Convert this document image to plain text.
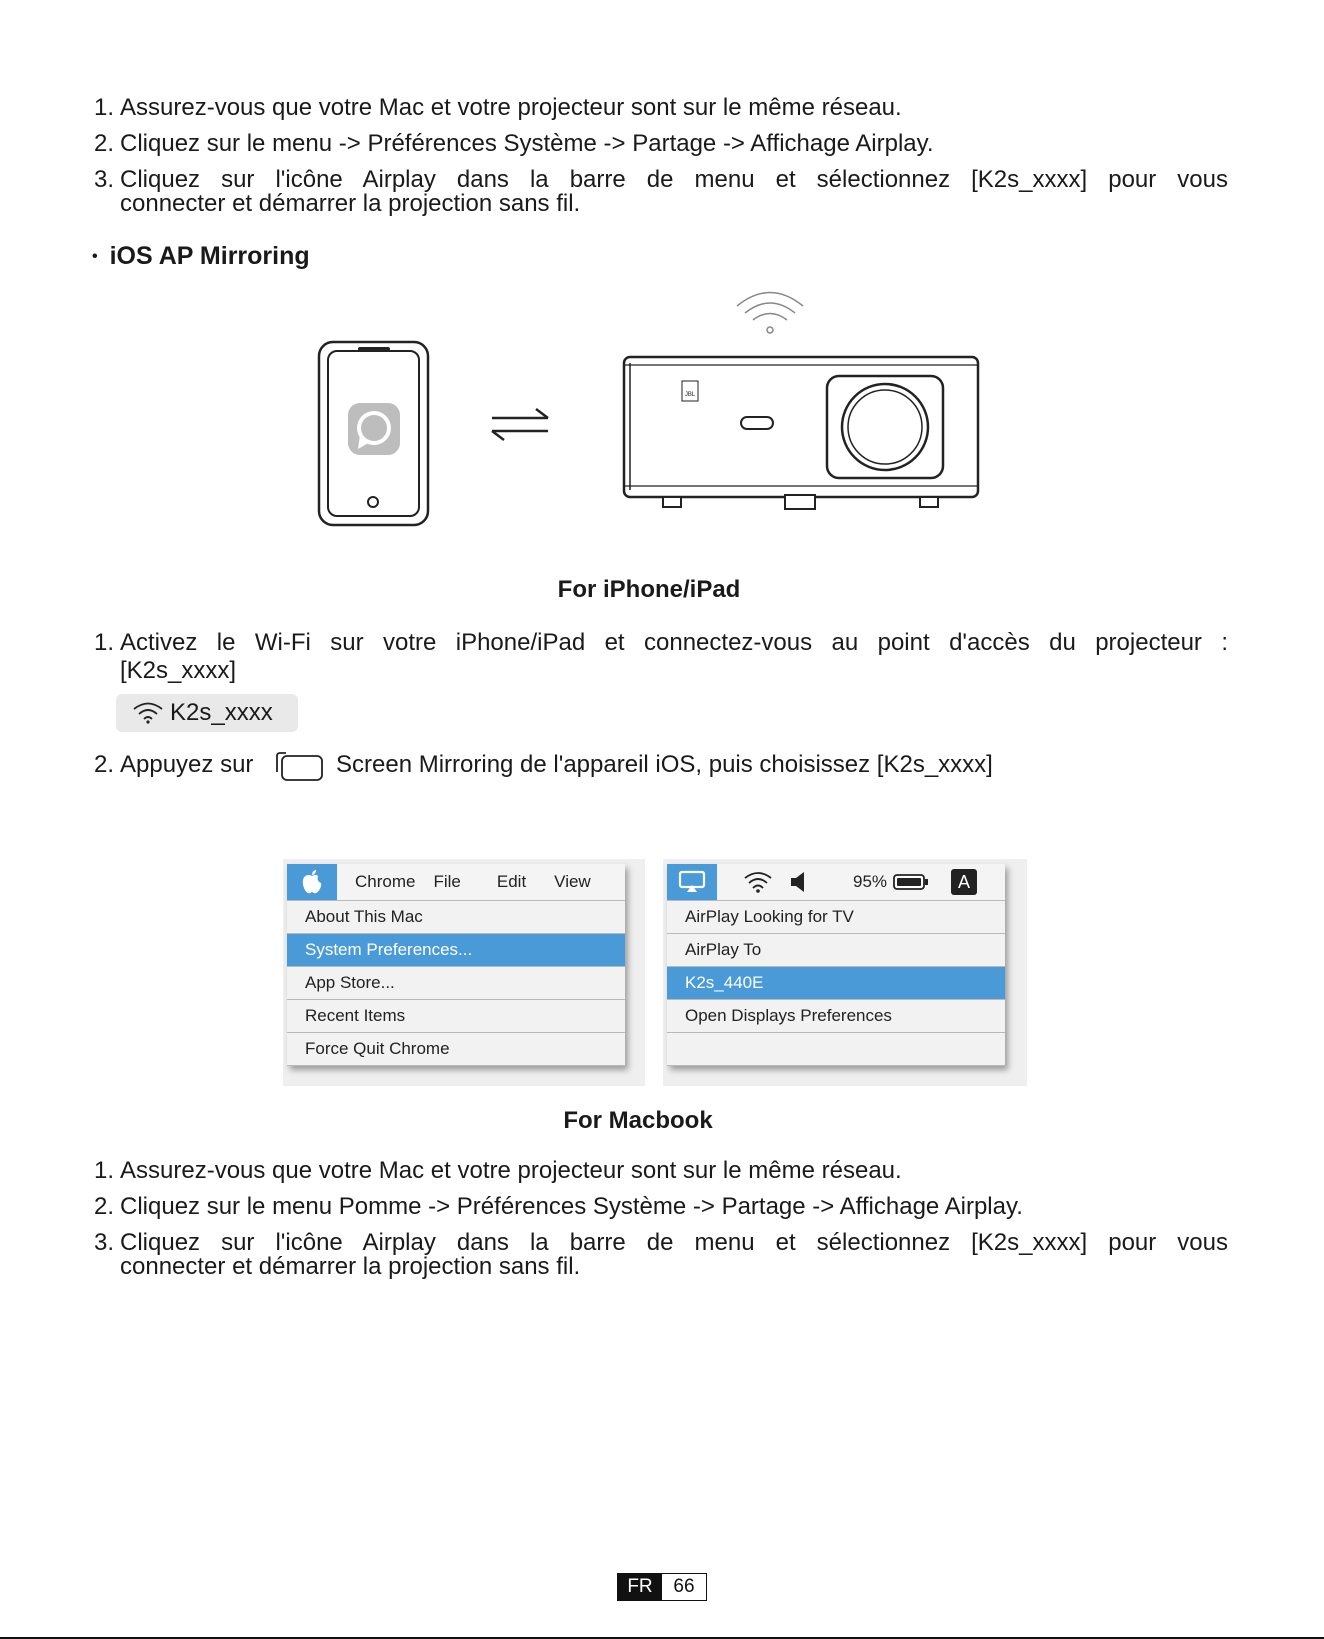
1. Assurez-vous que votre Mac et votre projecteur sont sur le même réseau.

2. Cliquez sur le menu -> Préférences Système -> Partage -> Affichage Airplay.

3. Cliquez sur l'icône Airplay dans la barre de menu et sélectionnez [K2s_xxxx] pour vous
connecter et démarrer la projection sans fil.
• iOS AP Mirroring
JBL
For iPhone/iPad

1. Activez le Wi-Fi sur votre iPhone/iPad et connectez-vous au point d'accès du projecteur :
[K2s_xxxx]
K2s_xxxx

2. Appuyez sur	Screen Mirroring de l'appareil iOS, puis choisissez [K2s_xxxx]

Chrome File Edit View
About This Mac
System Preferences...
App Store...
Recent Items
Force Quit Chrome
95%	A
AirPlay Looking for TV
AirPlay To
K2s_440E
Open Displays Preferences
For Macbook

1. Assurez-vous que votre Mac et votre projecteur sont sur le même réseau.

2. Cliquez sur le menu Pomme -> Préférences Système -> Partage -> Affichage Airplay.

3. Cliquez sur l'icône Airplay dans la barre de menu et sélectionnez [K2s_xxxx] pour vous
connecter et démarrer la projection sans fil.
FR	66
